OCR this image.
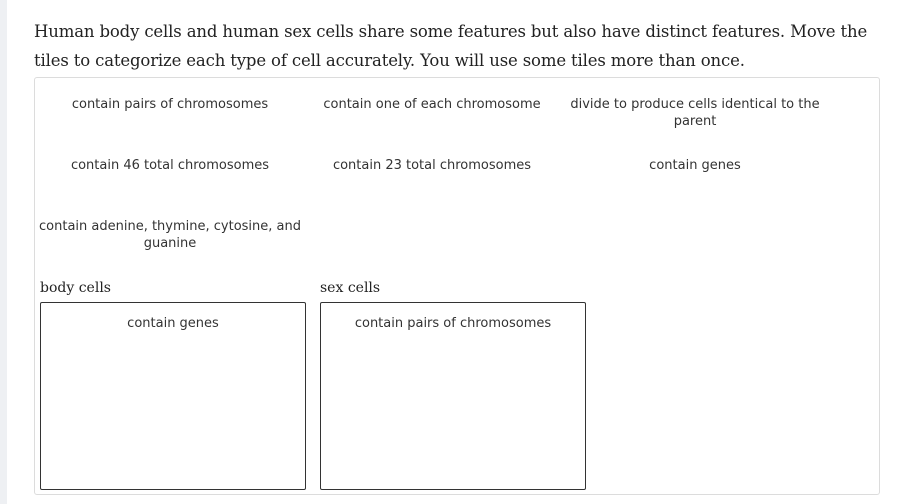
Human body cells and human sex cells share some features but also have distinct features. Move the tiles to categorize each type of cell accurately. You will use some tiles more than once.

contain pairs of chromosomes	contain one of each chromosome	divide to produce cells identical to the parent
contain 46 total chromosomes	contain 23 total chromosomes	contain genes
contain adenine, thymine, cytosine, and guanine
body cells
contain genes
sex cells
contain pairs of chromosomes
